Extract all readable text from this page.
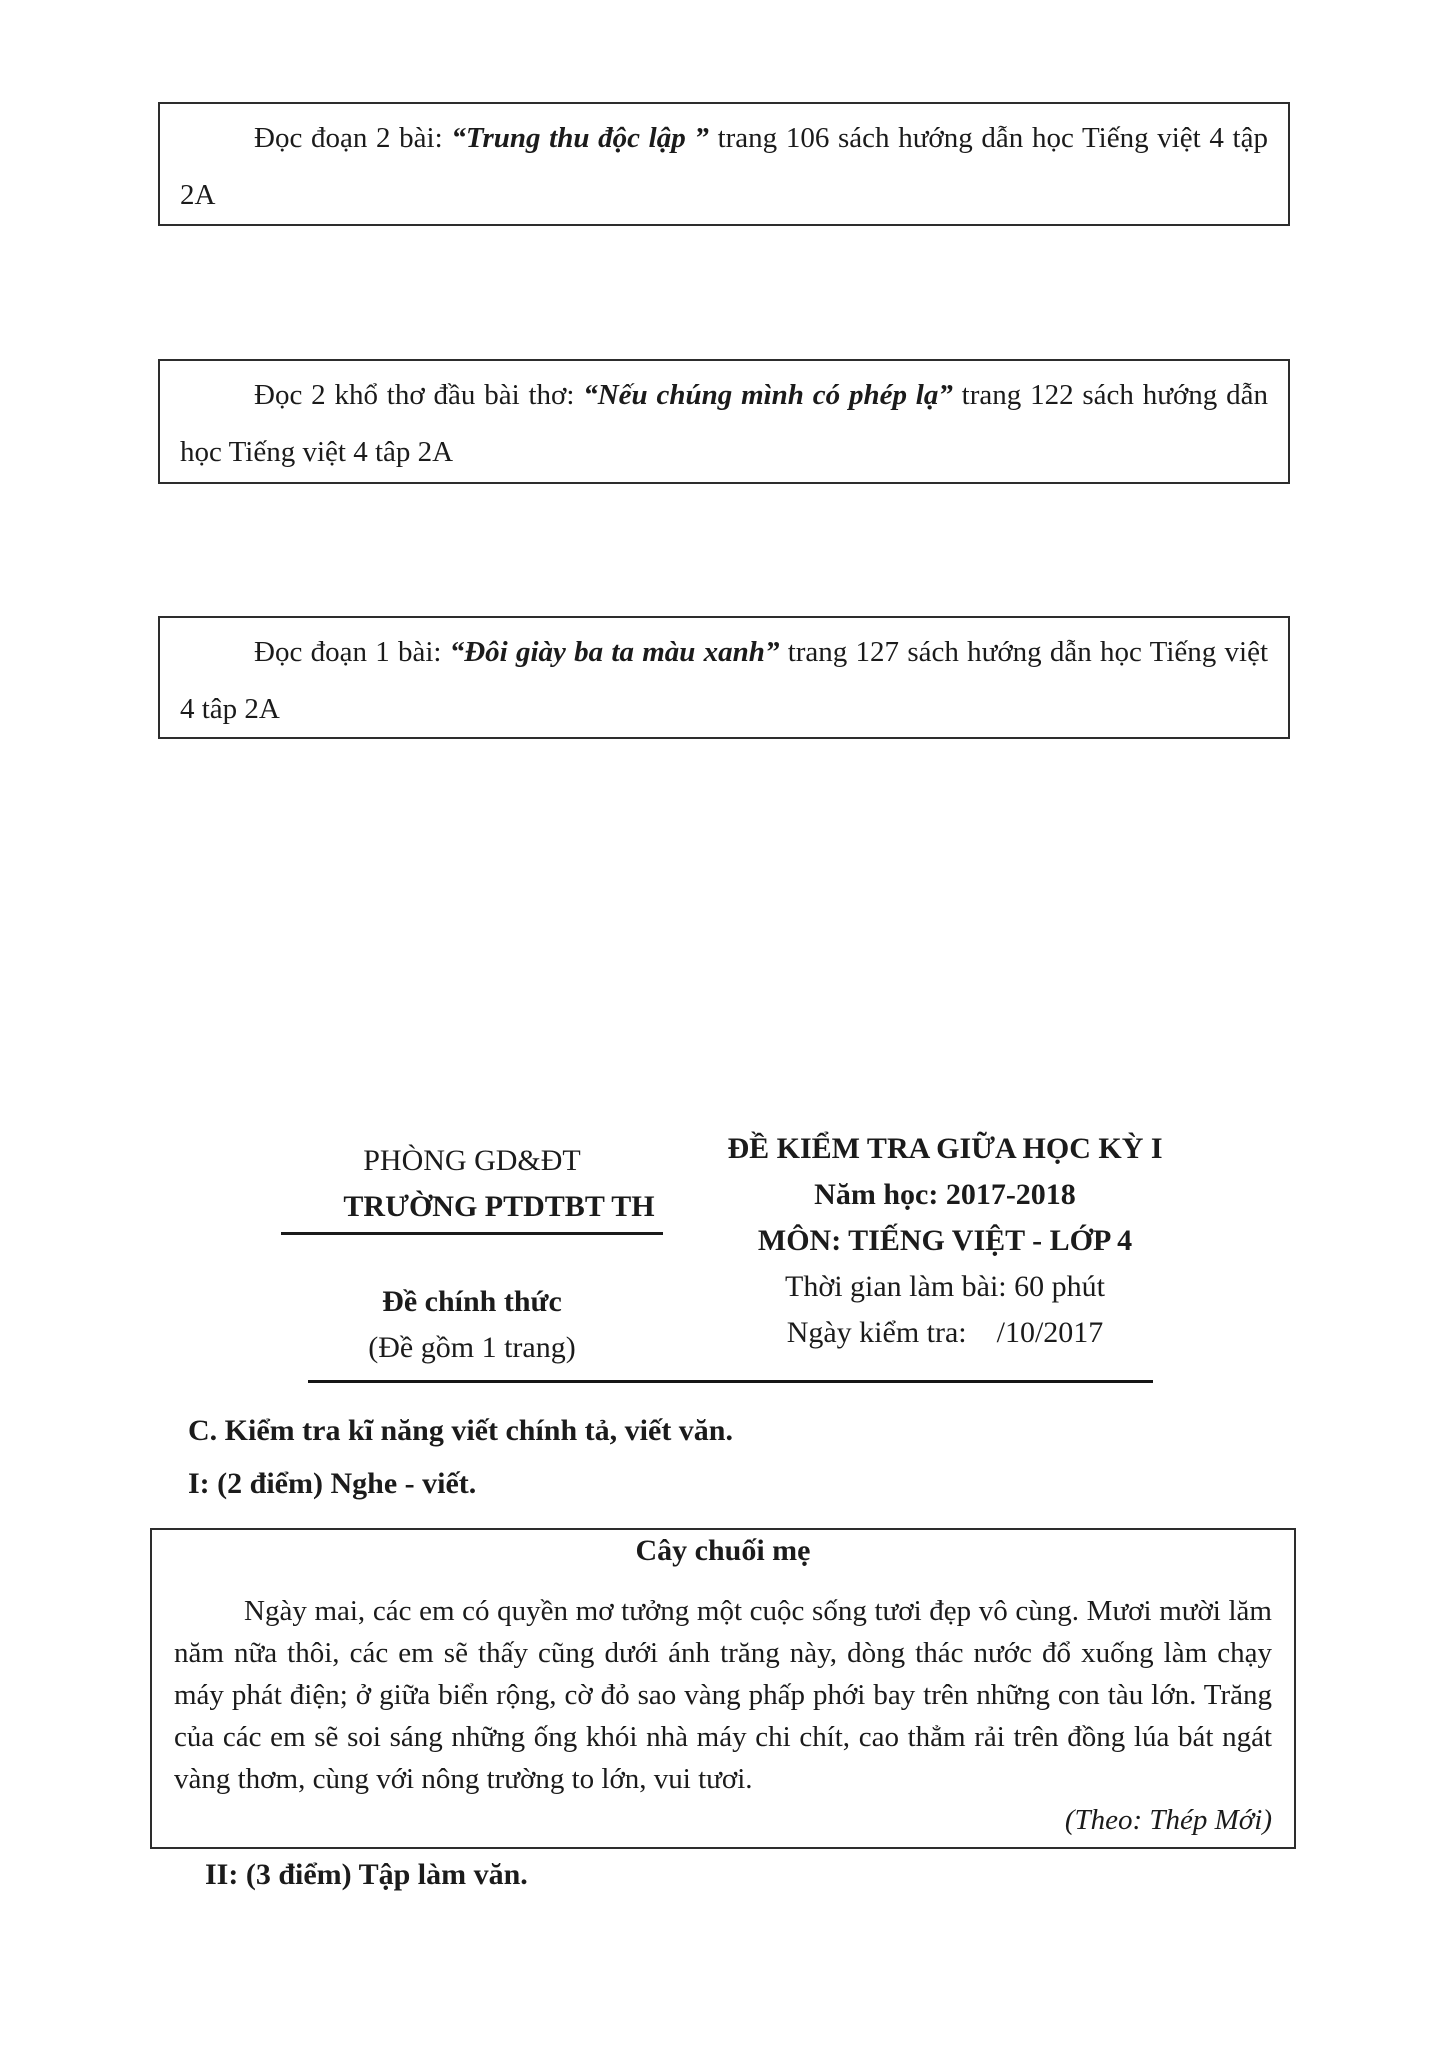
Đọc đoạn 2 bài: “Trung thu độc lập ” trang 106 sách hướng dẫn học Tiếng việt 4 tập 2A

Đọc 2 khổ thơ đầu bài thơ: “Nếu chúng mình có phép lạ” trang 122 sách hướng dẫn học Tiếng việt 4 tâp 2A

Đọc đoạn 1 bài: “Đôi giày ba ta màu xanh” trang 127 sách hướng dẫn học Tiếng việt 4 tâp 2A

PHÒNG GD&ĐT
TRƯỜNG PTDTBT TH
Đề chính thức
(Đề gồm 1 trang)
ĐỀ KIỂM TRA GIỮA HỌC KỲ I
Năm học: 2017-2018
MÔN: TIẾNG VIỆT - LỚP 4
Thời gian làm bài: 60 phút
Ngày kiểm tra:    /10/2017
C. Kiểm tra kĩ năng viết chính tả, viết văn.
I: (2 điểm) Nghe - viết.
Cây chuối mẹ

Ngày mai, các em có quyền mơ tưởng một cuộc sống tươi đẹp vô cùng. Mươi mười lăm năm nữa thôi, các em sẽ thấy cũng dưới ánh trăng này, dòng thác nước đổ xuống làm chạy máy phát điện; ở giữa biển rộng, cờ đỏ sao vàng phấp phới bay trên những con tàu lớn. Trăng của các em sẽ soi sáng những ống khói nhà máy chi chít, cao thẳm rải trên đồng lúa bát ngát vàng thơm, cùng với nông trường to lớn, vui tươi.

(Theo: Thép Mới)

II: (3 điểm) Tập làm văn.
